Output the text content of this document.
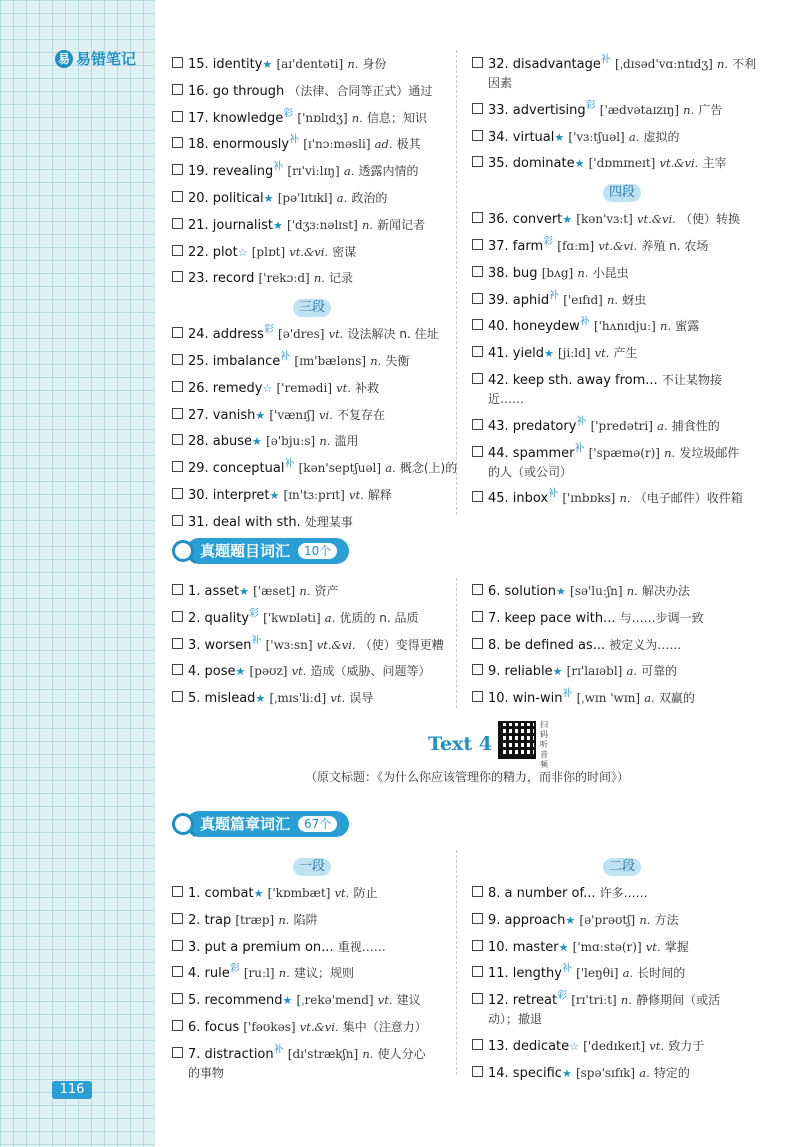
易 易错笔记
116
15. identity★ [aɪ'dentəti] n. 身份
16. go through （法律、合同等正式）通过
17. knowledge$^彩$ ['nɒlɪdʒ] n. 信息；知识
18. enormously$^补$ [ɪ'nɔːməsli] ad. 极其
19. revealing$^补$ [rɪ'viːlɪŋ] a. 透露内情的
20. political★ [pə'lɪtɪkl] a. 政治的
21. journalist★ ['dʒɜːnəlɪst] n. 新闻记者
22. plot☆ [plɒt] vt.&vi. 密谋
23. record ['rekɔːd] n. 记录
三段
24. address$^彩$ [ə'dres] vt. 设法解决 n. 住址
25. imbalance$^补$ [ɪm'bæləns] n. 失衡
26. remedy☆ ['remədi] vt. 补救
27. vanish★ ['vænɪʃ] vi. 不复存在
28. abuse★ [ə'bjuːs] n. 滥用
29. conceptual$^补$ [kən'septʃuəl] a. 概念(上)的
30. interpret★ [ɪn'tɜːprɪt] vt. 解释
31. deal with sth. 处理某事
32. disadvantage$^补$ [ˌdɪsəd'vɑːntɪdʒ] n. 不利
因素
33. advertising$^彩$ ['ædvətaɪzɪŋ] n. 广告
34. virtual★ ['vɜːtʃuəl] a. 虚拟的
35. dominate★ ['dɒmɪneɪt] vt.&vi. 主宰
四段
36. convert★ [kən'vɜːt] vt.&vi. （使）转换
37. farm$^彩$ [fɑːm] vt.&vi. 养殖 n. 农场
38. bug [bʌg] n. 小昆虫
39. aphid$^补$ ['eɪfɪd] n. 蚜虫
40. honeydew$^补$ ['hʌnɪdjuː] n. 蜜露
41. yield★ [jiːld] vt. 产生
42. keep sth. away from... 不让某物接
近……
43. predatory$^补$ ['predətri] a. 捕食性的
44. spammer$^补$ ['spæmə(r)] n. 发垃圾邮件
的人（或公司）
45. inbox$^补$ ['ɪnbɒks] n. （电子邮件）收件箱
真题题目词汇	10个
1. asset★ ['æset] n. 资产
2. quality$^彩$ ['kwɒləti] a. 优质的 n. 品质
3. worsen$^补$ ['wɜːsn] vt.&vi. （使）变得更糟
4. pose★ [pəʊz] vt. 造成（威胁、问题等）
5. mislead★ [ˌmɪs'liːd] vt. 误导
6. solution★ [sə'luːʃn] n. 解决办法
7. keep pace with... 与……步调一致
8. be defined as... 被定义为……
9. reliable★ [rɪ'laɪəbl] a. 可靠的
10. win-win$^补$ [ˌwɪn 'wɪn] a. 双赢的
Text 4
扫码听音频
（原文标题：《为什么你应该管理你的精力，而非你的时间》）
真题篇章词汇	67个
一段
1. combat★ ['kɒmbæt] vt. 防止
2. trap [træp] n. 陷阱
3. put a premium on... 重视……
4. rule$^彩$ [ruːl] n. 建议；规则
5. recommend★ [ˌrekə'mend] vt. 建议
6. focus ['fəʊkəs] vt.&vi. 集中（注意力）
7. distraction$^补$ [dɪ'strækʃn] n. 使人分心
的事物
二段
8. a number of... 许多……
9. approach★ [ə'prəʊtʃ] n. 方法
10. master★ ['mɑːstə(r)] vt. 掌握
11. lengthy$^补$ ['leŋθi] a. 长时间的
12. retreat$^彩$ [rɪ'triːt] n. 静修期间（或活
动）；撤退
13. dedicate☆ ['dedɪkeɪt] vt. 致力于
14. specific★ [spə'sɪfɪk] a. 特定的
